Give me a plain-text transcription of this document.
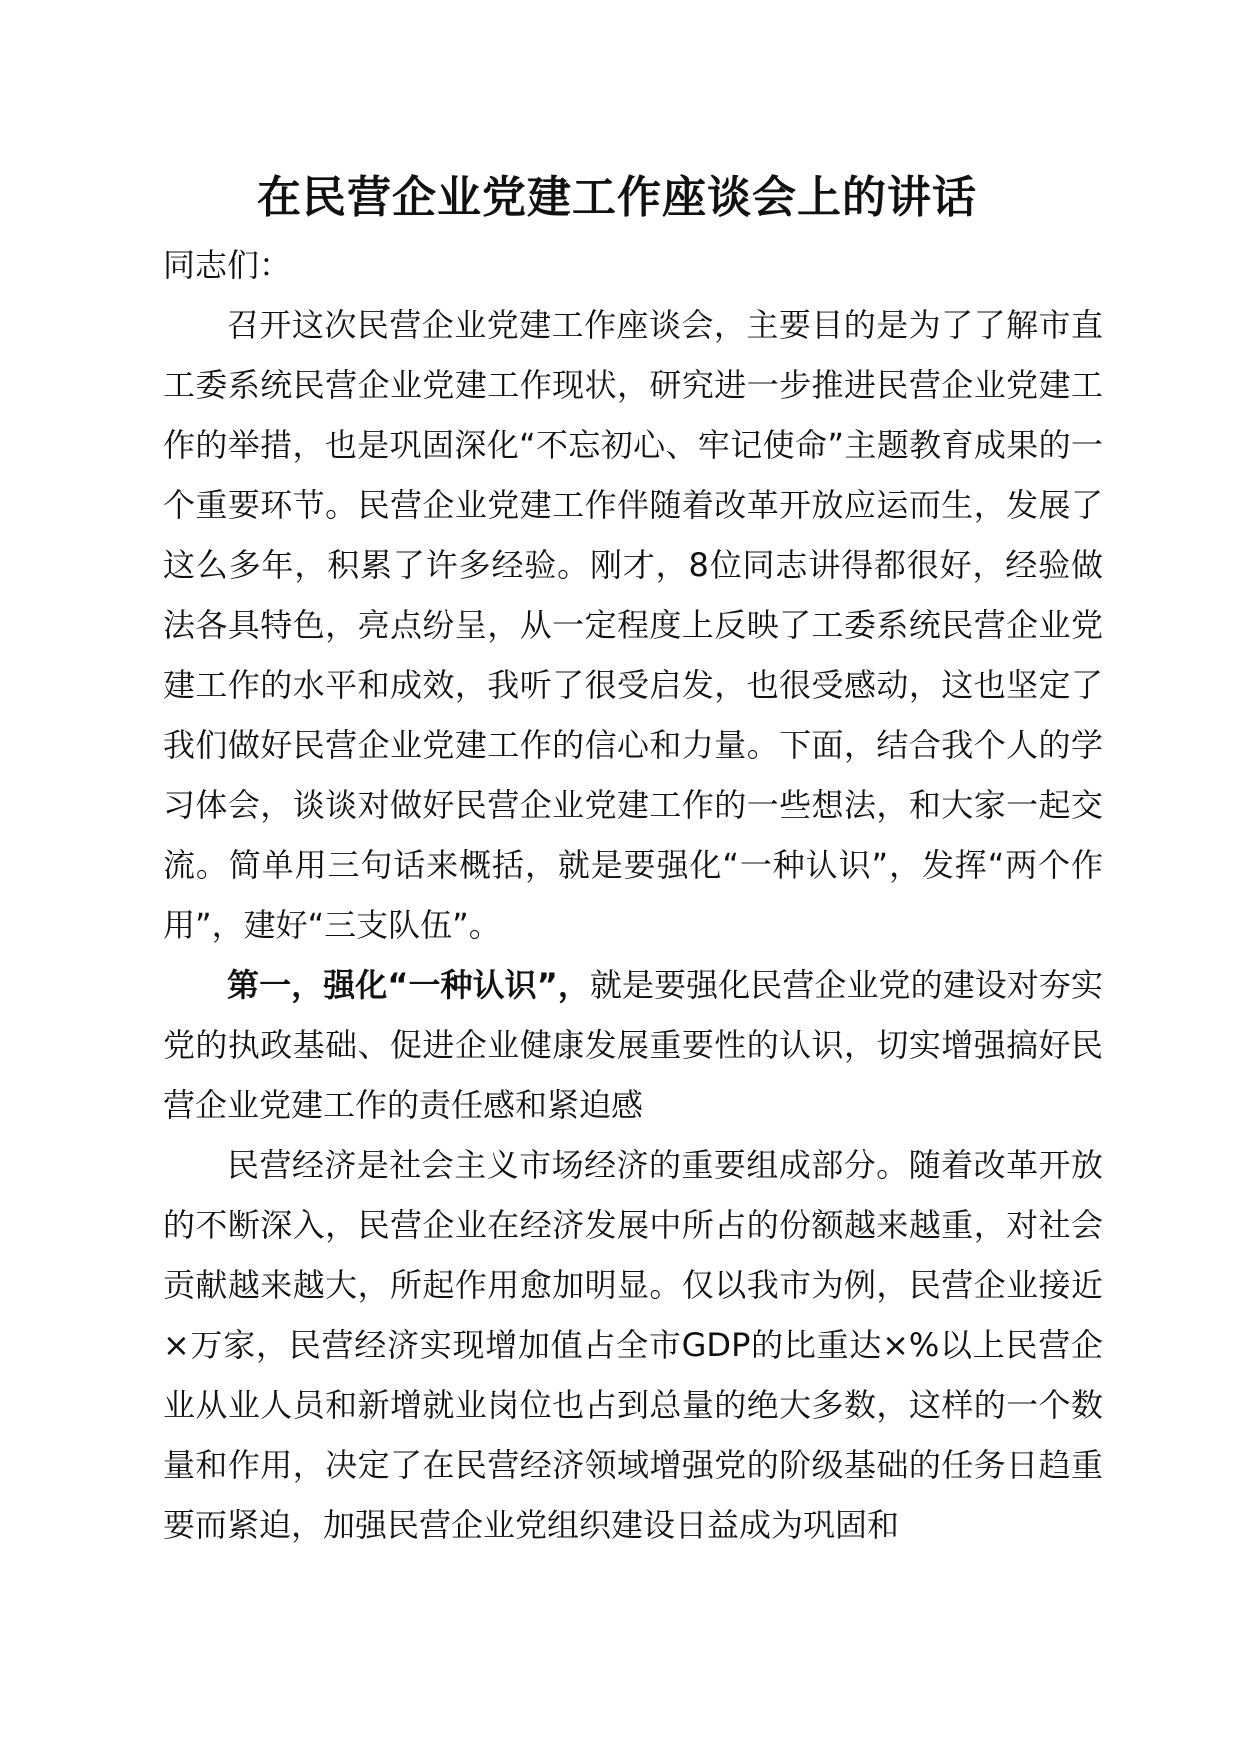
在民营企业党建工作座谈会上的讲话

同志们：

召开这次民营企业党建工作座谈会，主要目的是为了了解市直工委系统民营企业党建工作现状，研究进一步推进民营企业党建工作的举措，也是巩固深化“不忘初心、牢记使命”主题教育成果的一个重要环节。民营企业党建工作伴随着改革开放应运而生，发展了这么多年，积累了许多经验。刚才，8位同志讲得都很好，经验做法各具特色，亮点纷呈，从一定程度上反映了工委系统民营企业党建工作的水平和成效，我听了很受启发，也很受感动，这也坚定了我们做好民营企业党建工作的信心和力量。下面，结合我个人的学习体会，谈谈对做好民营企业党建工作的一些想法，和大家一起交流。简单用三句话来概括，就是要强化“一种认识”，发挥“两个作用”，建好“三支队伍”。

第一，强化“一种认识”，就是要强化民营企业党的建设对夯实党的执政基础、促进企业健康发展重要性的认识，切实增强搞好民营企业党建工作的责任感和紧迫感

民营经济是社会主义市场经济的重要组成部分。随着改革开放的不断深入，民营企业在经济发展中所占的份额越来越重，对社会贡献越来越大，所起作用愈加明显。仅以我市为例，民营企业接近×万家，民营经济实现增加值占全市GDP的比重达×%以上民营企业从业人员和新增就业岗位也占到总量的绝大多数，这样的一个数量和作用，决定了在民营经济领域增强党的阶级基础的任务日趋重要而紧迫，加强民营企业党组织建设日益成为巩固和
